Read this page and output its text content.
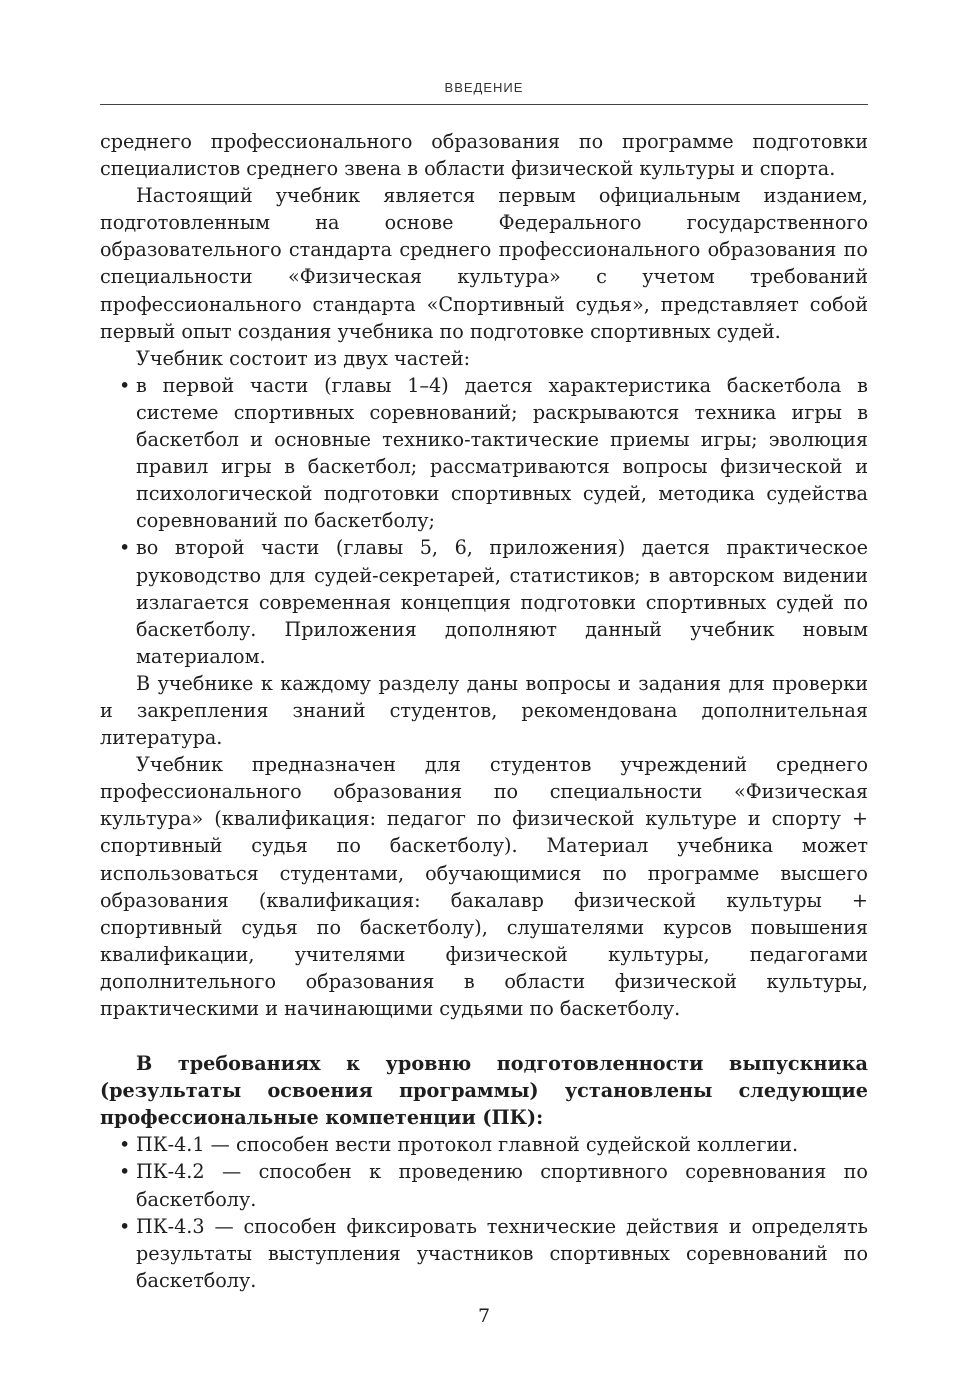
ВВЕДЕНИЕ

среднего профессионального образования по программе подготовки специалистов среднего звена в области физической культуры и спорта.

Настоящий учебник является первым официальным изданием, подготовленным на основе Федерального государственного образовательного стандарта среднего профессионального образования по специальности «Физическая культура» с учетом требований профессионального стандарта «Спортивный судья», представляет собой первый опыт создания учебника по подготовке спортивных судей.

Учебник состоит из двух частей:

• в первой части (главы 1–4) дается характеристика баскетбола в системе спортивных соревнований; раскрываются техника игры в баскетбол и основные технико-тактические приемы игры; эволюция правил игры в баскетбол; рассматриваются вопросы физической и психологической подготовки спортивных судей, методика судейства соревнований по баскетболу;
• во второй части (главы 5, 6, приложения) дается практическое руководство для судей-секретарей, статистиков; в авторском видении излагается современная концепция подготовки спортивных судей по баскетболу. Приложения дополняют данный учебник новым материалом.

В учебнике к каждому разделу даны вопросы и задания для проверки и закрепления знаний студентов, рекомендована дополнительная литература.

Учебник предназначен для студентов учреждений среднего профессионального образования по специальности «Физическая культура» (квалификация: педагог по физической культуре и спорту + спортивный судья по баскетболу). Материал учебника может использоваться студентами, обучающимися по программе высшего образования (квалификация: бакалавр физической культуры + спортивный судья по баскетболу), слушателями курсов повышения квалификации, учителями физической культуры, педагогами дополнительного образования в области физической культуры, практическими и начинающими судьями по баскетболу.

В требованиях к уровню подготовленности выпускника (результаты освоения программы) установлены следующие профессиональные компетенции (ПК):

• ПК-4.1 — способен вести протокол главной судейской коллегии.
• ПК-4.2 — способен к проведению спортивного соревнования по баскетболу.
• ПК-4.3 — способен фиксировать технические действия и определять результаты выступления участников спортивных соревнований по баскетболу.
7
